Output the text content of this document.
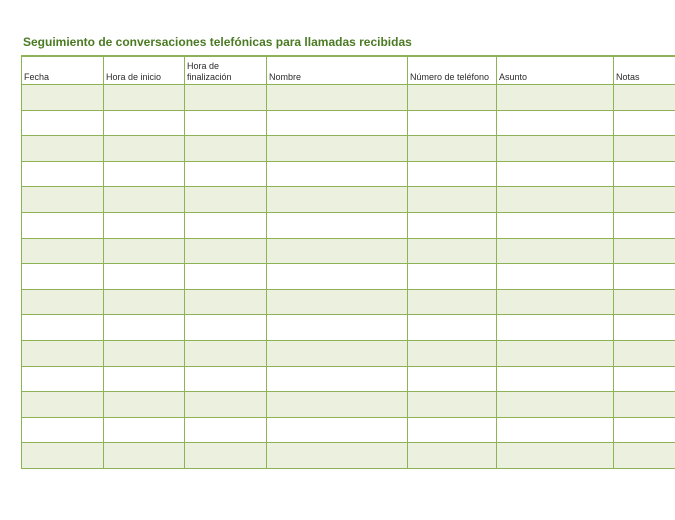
Seguimiento de conversaciones telefónicas para llamadas recibidas
Fecha	Hora de inicio	Hora de finalización	Nombre	Número de teléfono	Asunto	Notas
